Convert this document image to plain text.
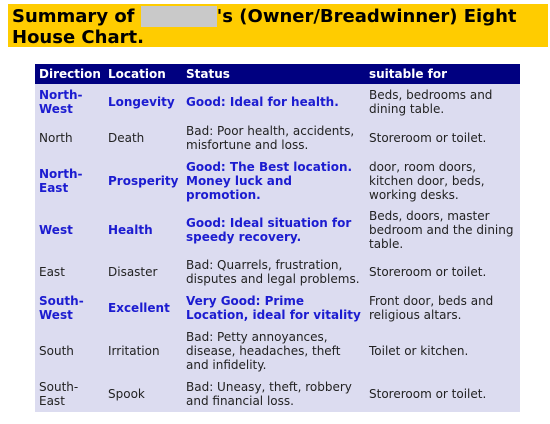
Summary of	's (Owner/Breadwinner) Eight House Chart.
Direction	Location	Status	suitable for
North-West	Longevity	Good: Ideal for health.	Beds, bedrooms and dining table.
North	Death	Bad: Poor health, accidents, misfortune and loss.	Storeroom or toilet.
North-East	Prosperity	Good: The Best location. Money luck and promotion.	door, room doors, kitchen door, beds, working desks.
West	Health	Good: Ideal situation for speedy recovery.	Beds, doors, master bedroom and the dining table.
East	Disaster	Bad: Quarrels, frustration, disputes and legal problems.	Storeroom or toilet.
South-West	Excellent	Very Good: Prime Location, ideal for vitality	Front door, beds and religious altars.
South	Irritation	Bad: Petty annoyances, disease, headaches, theft and infidelity.	Toilet or kitchen.
South-East	Spook	Bad: Uneasy, theft, robbery and financial loss.	Storeroom or toilet.
